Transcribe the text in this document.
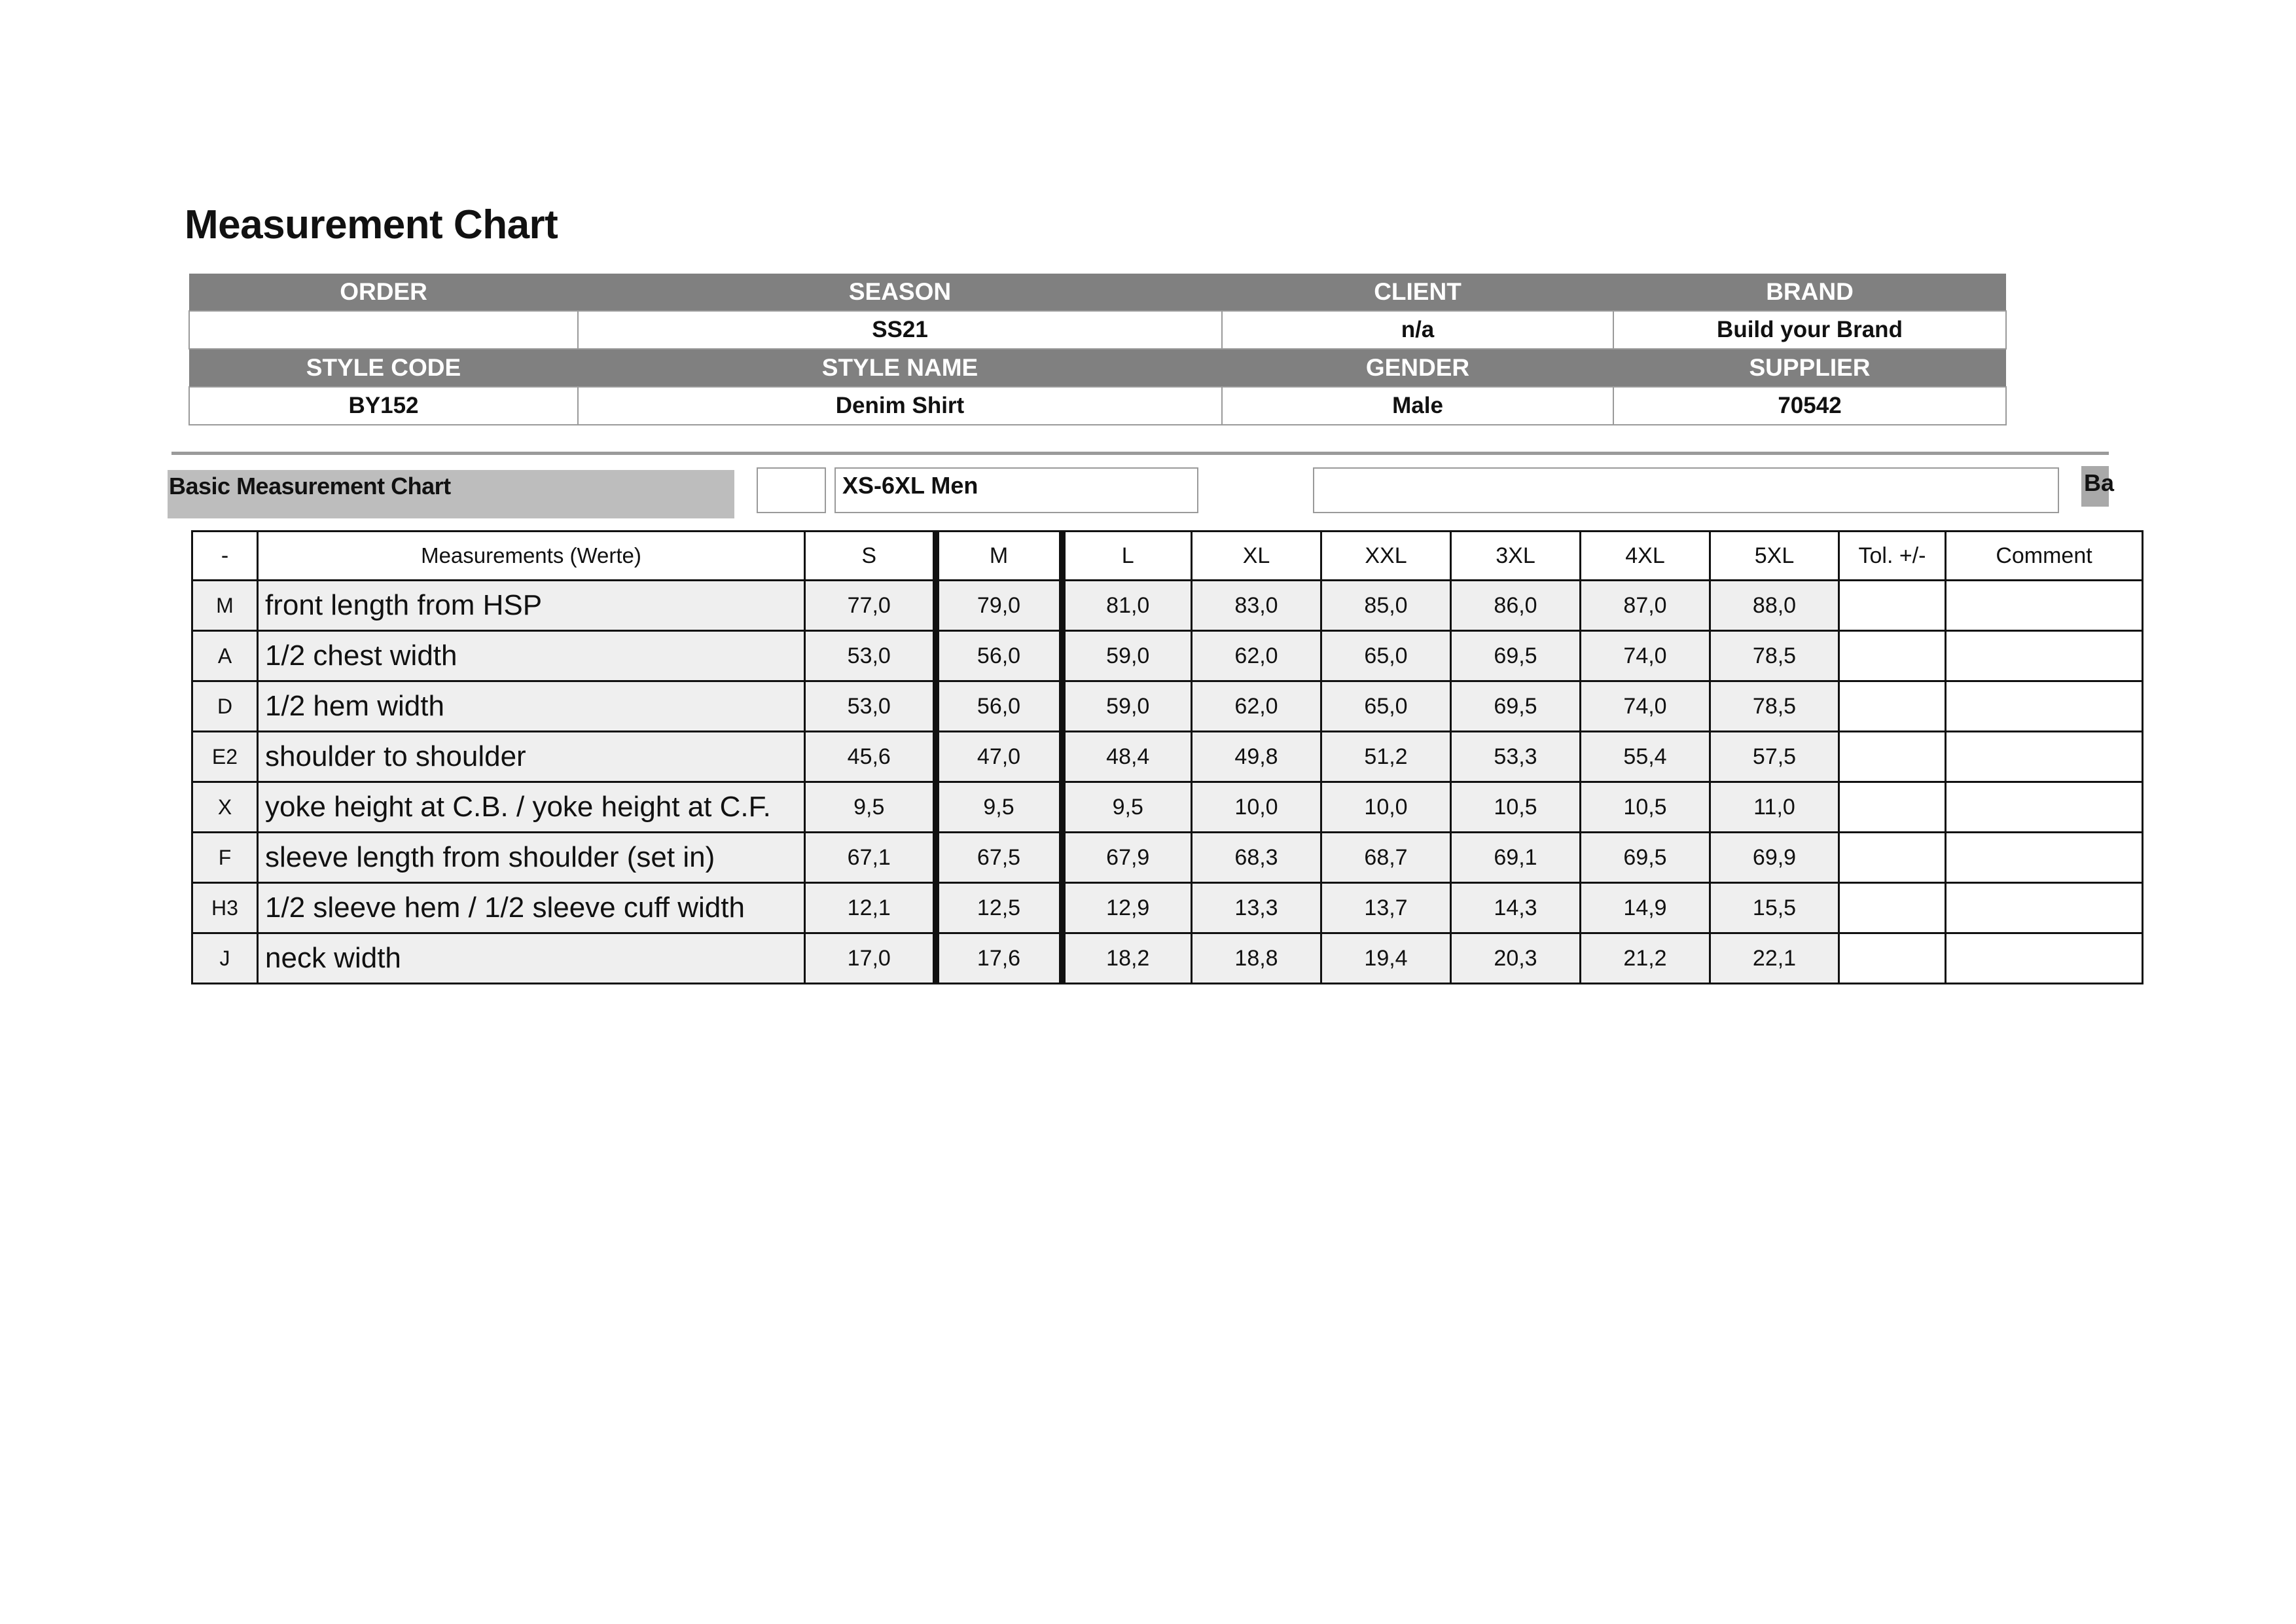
Measurement Chart
ORDER	SEASON	CLIENT	BRAND
	SS21	n/a	Build your Brand
STYLE CODE	STYLE NAME	GENDER	SUPPLIER
BY152	Denim Shirt	Male	70542
Basic Measurement Chart	XS-6XL Men	Ba
-	Measurements (Werte)	S	M	L	XL	XXL	3XL	4XL	5XL	Tol. +/-	Comment
M	front length from HSP	77,0	79,0	81,0	83,0	85,0	86,0	87,0	88,0		
A	1/2 chest width	53,0	56,0	59,0	62,0	65,0	69,5	74,0	78,5		
D	1/2 hem width	53,0	56,0	59,0	62,0	65,0	69,5	74,0	78,5		
E2	shoulder to shoulder	45,6	47,0	48,4	49,8	51,2	53,3	55,4	57,5		
X	yoke height at C.B. / yoke height at C.F.	9,5	9,5	9,5	10,0	10,0	10,5	10,5	11,0		
F	sleeve length from shoulder (set in)	67,1	67,5	67,9	68,3	68,7	69,1	69,5	69,9		
H3	1/2 sleeve hem / 1/2 sleeve cuff width	12,1	12,5	12,9	13,3	13,7	14,3	14,9	15,5		
J	neck width	17,0	17,6	18,2	18,8	19,4	20,3	21,2	22,1		
